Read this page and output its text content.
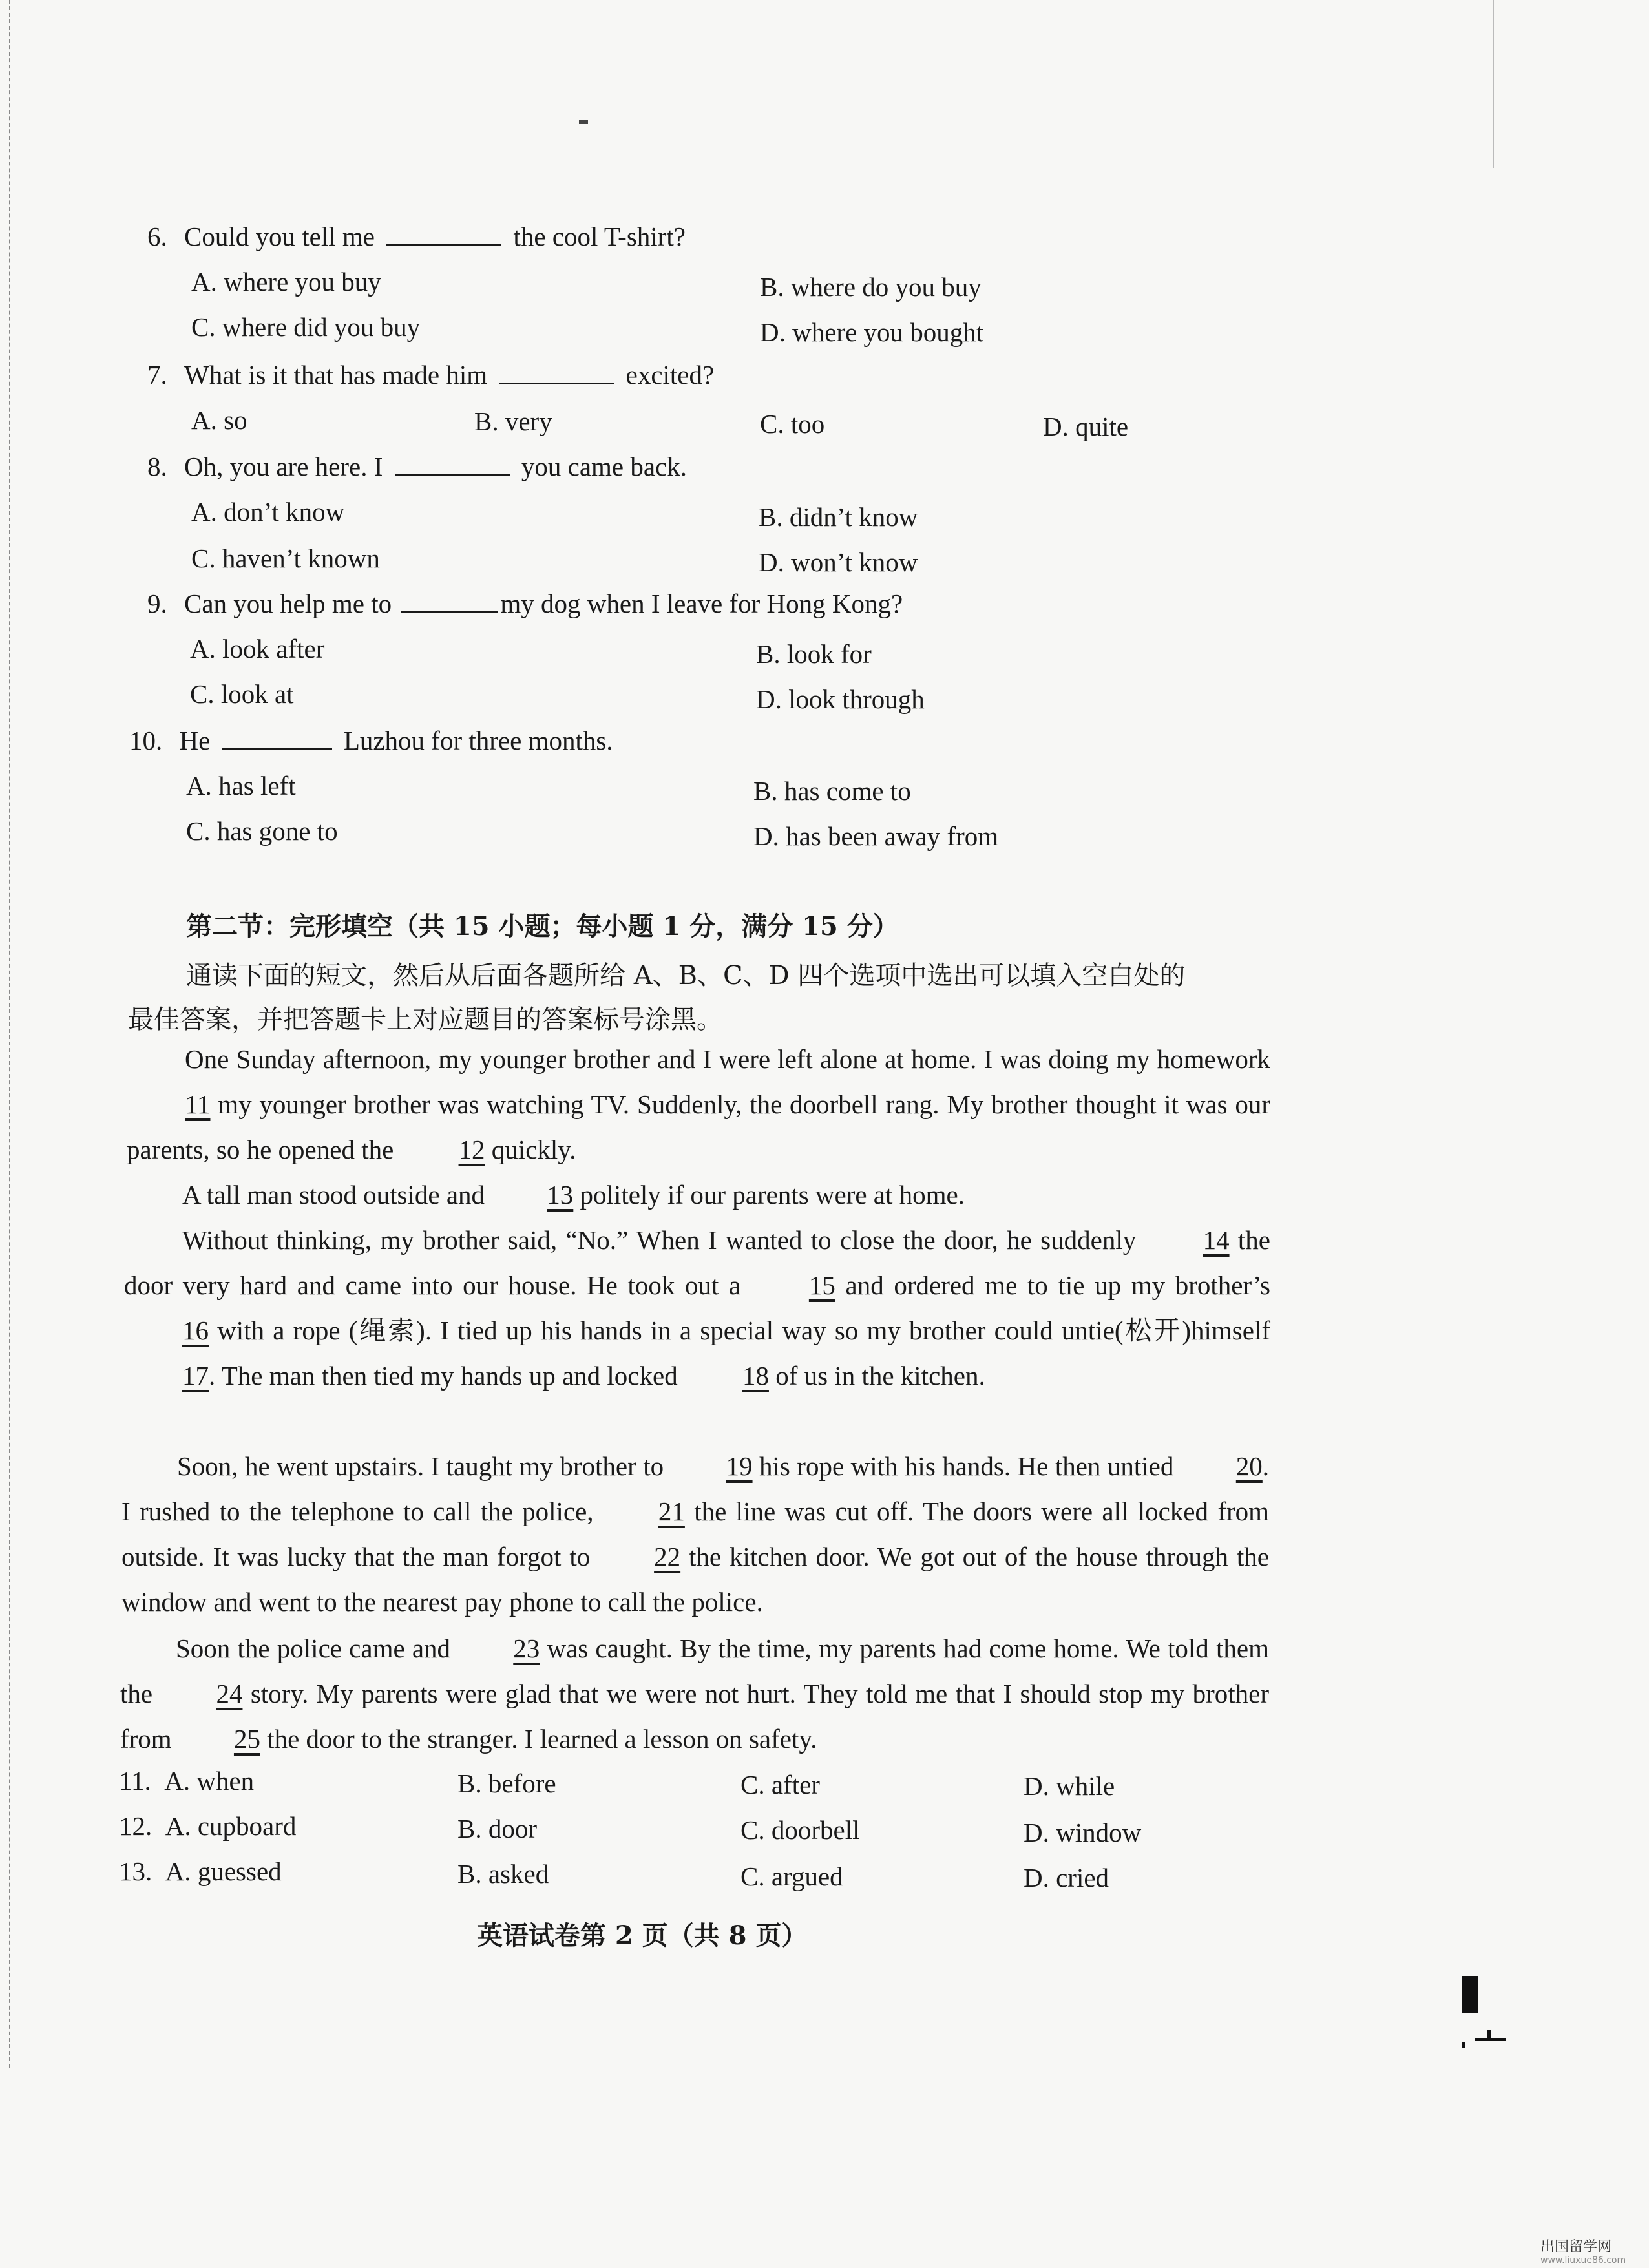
6. Could you tell me	the cool T-shirt?
A. where you buy	B. where do you buy
C. where did you buy	D. where you bought
7. What is it that has made him	excited?
A. so	B. very	C. too	D. quite
8. Oh, you are here. I	you came back.
A. don’t know	B. didn’t know
C. haven’t known	D. won’t know
9. Can you help me to	my dog when I leave for Hong Kong?
A. look after	B. look for
C. look at	D. look through
10. He	Luzhou for three months.
A. has left	B. has come to
C. has gone to	D. has been away from
第二节：完形填空（共 15 小题；每小题 1 分，满分 15 分）
通读下面的短文，然后从后面各题所给 A、B、C、D 四个选项中选出可以填入空白处的
最佳答案，并把答题卡上对应题目的答案标号涂黑。
One Sunday afternoon, my younger brother and I were left alone at home. I was doing my homework 11 my younger brother was watching TV. Suddenly, the doorbell rang. My brother thought it was our parents, so he opened the 12 quickly.
A tall man stood outside and 13 politely if our parents were at home.
Without thinking, my brother said, “No.” When I wanted to close the door, he suddenly	14 the door very hard and came into our house. He took out a	15 and ordered me to tie up my brother’s 16 with a rope (绳索). I tied up his hands in a special way so my brother could untie(松开)himself 17. The man then tied my hands up and locked 18 of us in the kitchen.
Soon, he went upstairs. I taught my brother to 19 his rope with his hands. He then untied 20. I rushed to the telephone to call the police, 21 the line was cut off. The doors were all locked from outside. It was lucky that the man forgot to 22 the kitchen door. We got out of the house through the window and went to the nearest pay phone to call the police.
Soon the police came and 23 was caught. By the time, my parents had come home. We told them the 24 story. My parents were glad that we were not hurt. They told me that I should stop my brother from 25 the door to the stranger. I learned a lesson on safety.
11. A. when	B. before	C. after	D. while
12. A. cupboard	B. door	C. doorbell	D. window
13. A. guessed	B. asked	C. argued	D. cried
英语试卷第 2 页（共 8 页）
出国留学网
www.liuxue86.com
